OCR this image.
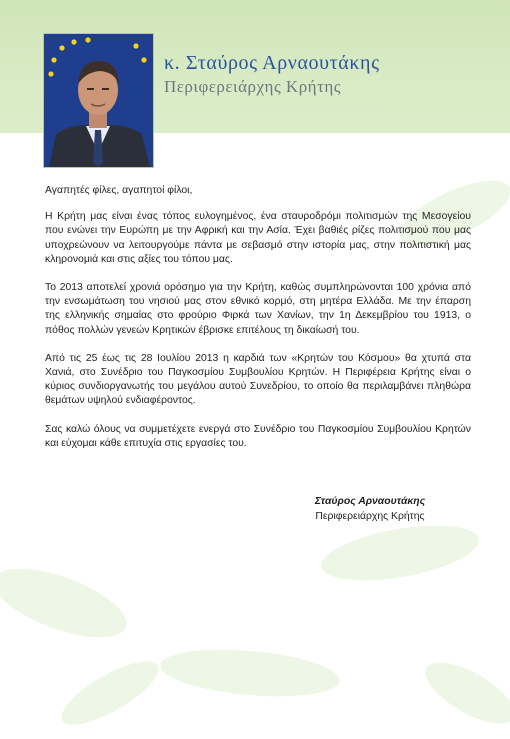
κ. Σταύρος Αρναουτάκης
Περιφερειάρχης Κρήτης

Αγαπητές φίλες, αγαπητοί φίλοι,

Η Κρήτη μας είναι ένας τόπος ευλογημένος, ένα σταυροδρόμι πολιτισμών της Μεσογείου που ενώνει την Ευρώπη με την Αφρική και την Ασία. Έχει βαθιές ρίζες πολιτισμού που μας υποχρεώνουν να λειτουργούμε πάντα με σεβασμό στην ιστορία μας, στην πολιτιστική μας κληρονομιά και στις αξίες του τόπου μας.

Το 2013 αποτελεί χρονιά ορόσημο για την Κρήτη, καθώς συμπληρώνονται 100 χρόνια από την ενσωμάτωση του νησιού μας στον εθνικό κορμό, στη μητέρα Ελλάδα. Με την έπαρση της ελληνικής σημαίας στο φρούριο Φιρκά των Χανίων, την 1η Δεκεμβρίου του 1913, ο πόθος πολλών γενεών Κρητικών έβρισκε επιτέλους τη δικαίωσή του.

Από τις 25 έως τις 28 Ιουλίου 2013 η καρδιά των «Κρητών του Κόσμου» θα χτυπά στα Χανιά, στο Συνέδριο του Παγκοσμίου Συμβουλίου Κρητών. Η Περιφέρεια Κρήτης είναι ο κύριος συνδιοργανωτής του μεγάλου αυτού Συνεδρίου, το οποίο θα περιλαμβάνει πληθώρα θεμάτων υψηλού ενδιαφέροντος.

Σας καλώ όλους να συμμετέχετε ενεργά στο Συνέδριο του Παγκοσμίου Συμβουλίου Κρητών και εύχομαι κάθε επιτυχία στις εργασίες του.

Σταύρος Αρναουτάκης
Περιφερειάρχης Κρήτης
